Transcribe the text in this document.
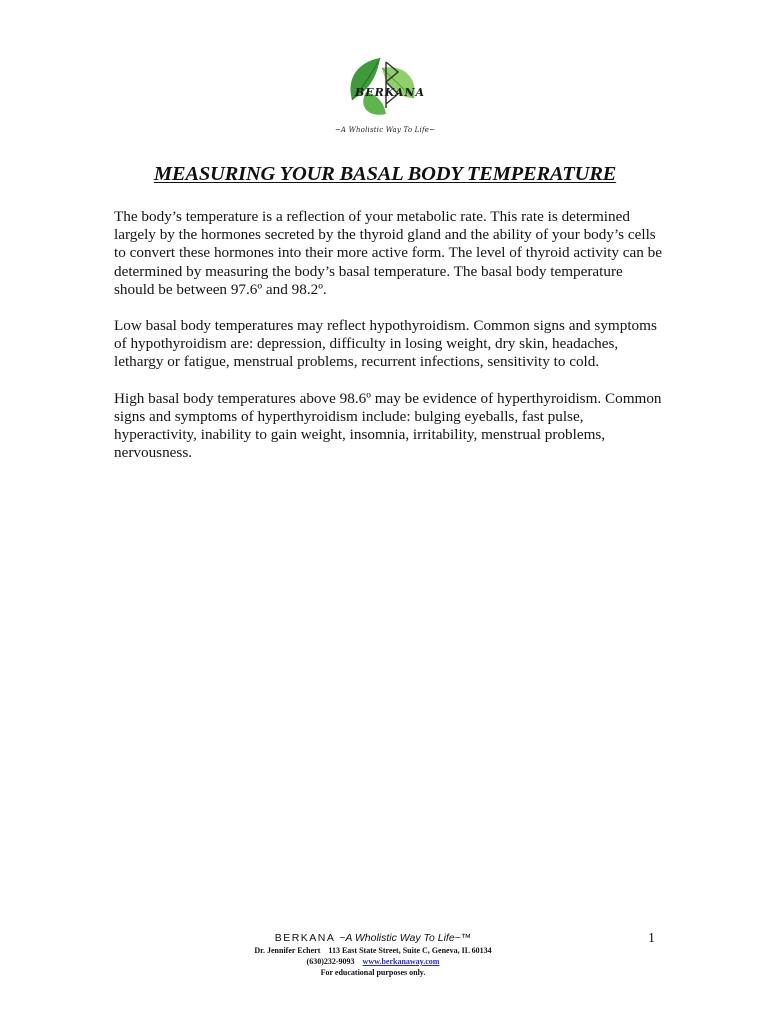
BERKANA
~A Wholistic Way To Life~
MEASURING YOUR BASAL BODY TEMPERATURE

The body’s temperature is a reflection of your metabolic rate. This rate is determined largely by the hormones secreted by the thyroid gland and the ability of your body’s cells to convert these hormones into their more active form. The level of thyroid activity can be determined by measuring the body’s basal temperature. The basal body temperature should be between 97.6º and 98.2º.

Low basal body temperatures may reflect hypothyroidism. Common signs and symptoms of hypothyroidism are: depression, difficulty in losing weight, dry skin, headaches, lethargy or fatigue, menstrual problems, recurrent infections, sensitivity to cold.

High basal body temperatures above 98.6º may be evidence of hyperthyroidism. Common signs and symptoms of hyperthyroidism include: bulging eyeballs, fast pulse, hyperactivity, inability to gain weight, insomnia, irritability, menstrual problems, nervousness.

BERKANA ~A Wholistic Way To Life~™
Dr. Jennifer Echert 113 East State Street, Suite C, Geneva, IL 60134
(630)232-9093 www.berkanaway.com
For educational purposes only.
1
